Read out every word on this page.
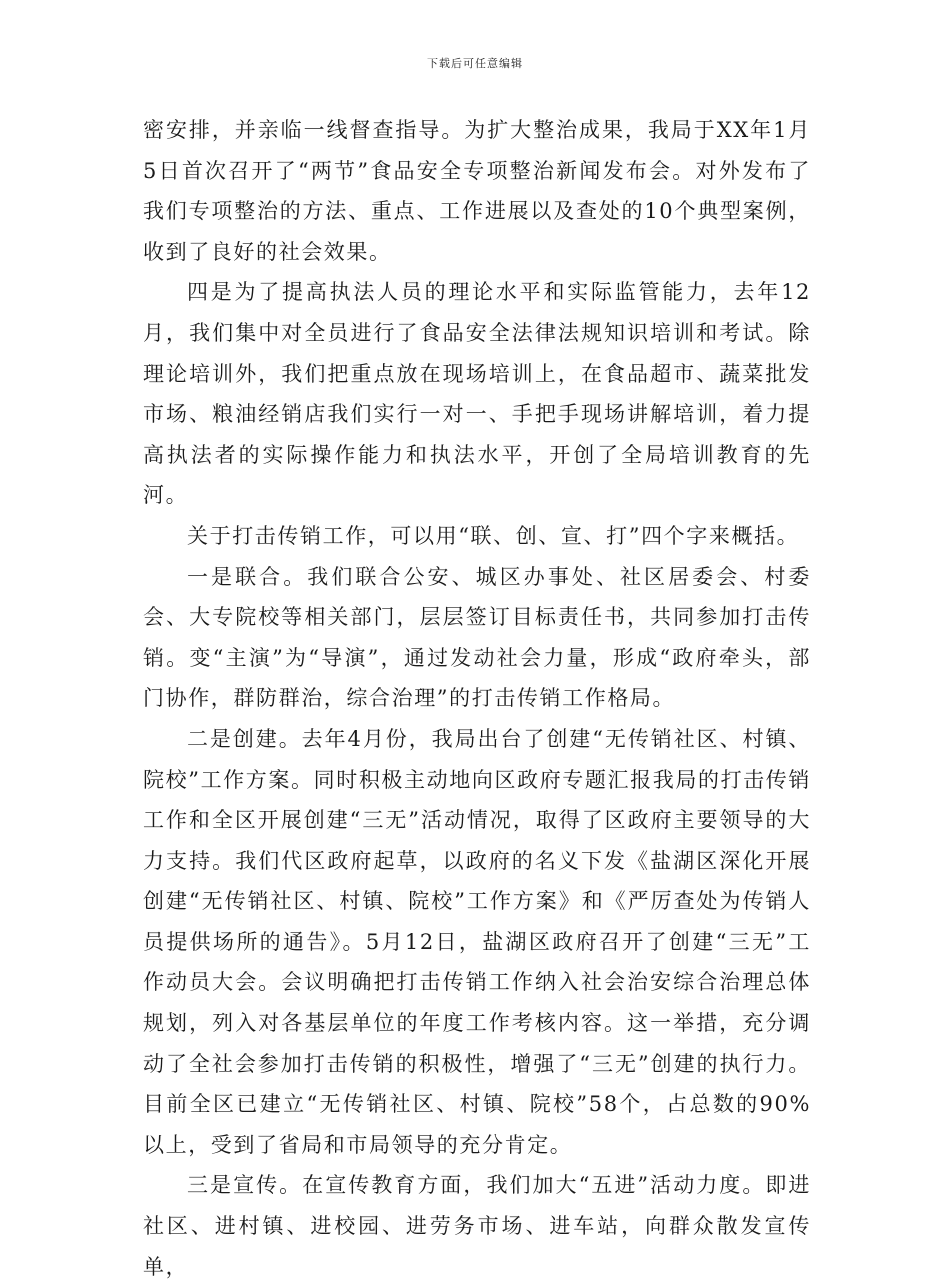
下载后可任意编辑

密安排，并亲临一线督查指导。为扩大整治成果，我局于XX年1月5日首次召开了“两节”食品安全专项整治新闻发布会。对外发布了我们专项整治的方法、重点、工作进展以及查处的10个典型案例，收到了良好的社会效果。

四是为了提高执法人员的理论水平和实际监管能力，去年12月，我们集中对全员进行了食品安全法律法规知识培训和考试。除理论培训外，我们把重点放在现场培训上，在食品超市、蔬菜批发市场、粮油经销店我们实行一对一、手把手现场讲解培训，着力提高执法者的实际操作能力和执法水平，开创了全局培训教育的先河。

关于打击传销工作，可以用“联、创、宣、打”四个字来概括。

一是联合。我们联合公安、城区办事处、社区居委会、村委会、大专院校等相关部门，层层签订目标责任书，共同参加打击传销。变“主演”为“导演”，通过发动社会力量，形成“政府牵头，部门协作，群防群治，综合治理”的打击传销工作格局。

二是创建。去年4月份，我局出台了创建“无传销社区、村镇、院校”工作方案。同时积极主动地向区政府专题汇报我局的打击传销工作和全区开展创建“三无”活动情况，取得了区政府主要领导的大力支持。我们代区政府起草，以政府的名义下发《盐湖区深化开展创建“无传销社区、村镇、院校”工作方案》和《严厉查处为传销人员提供场所的通告》。5月12日，盐湖区政府召开了创建“三无”工作动员大会。会议明确把打击传销工作纳入社会治安综合治理总体规划，列入对各基层单位的年度工作考核内容。这一举措，充分调动了全社会参加打击传销的积极性，增强了“三无”创建的执行力。目前全区已建立“无传销社区、村镇、院校”58个，占总数的90%以上，受到了省局和市局领导的充分肯定。

三是宣传。在宣传教育方面，我们加大“五进”活动力度。即进社区、进村镇、进校园、进劳务市场、进车站，向群众散发宣传单，
